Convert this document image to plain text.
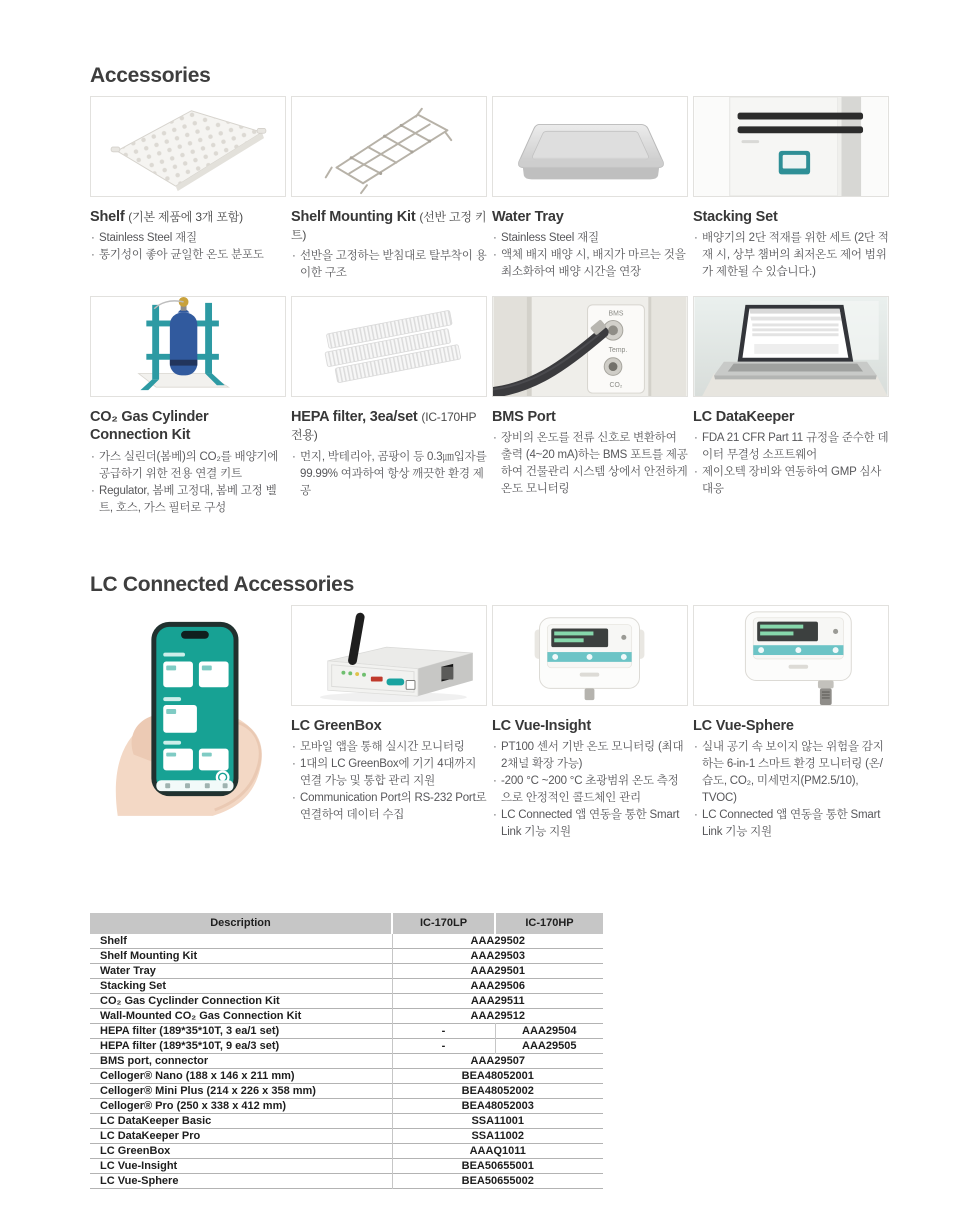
Accessories
Shelf (기본 제품에 3개 포함)
· Stainless Steel 재질
· 통기성이 좋아 균일한 온도 분포도
Shelf Mounting Kit (선반 고정 키트)
· 선반을 고정하는 받침대로 탈부착이 용이한 구조
Water Tray
· Stainless Steel 재질
· 액체 배지 배양 시, 배지가 마르는 것을 최소화하여 배양 시간을 연장
Stacking Set
· 배양기의 2단 적재를 위한 세트 (2단 적재 시, 상부 챔버의 최저온도 제어 범위가 제한될 수 있습니다.)
CO₂ Gas Cylinder Connection Kit
· 가스 실린더(봄베)의 CO₂를 배양기에 공급하기 위한 전용 연결 키트
· Regulator, 봄베 고정대, 봄베 고정 벨트, 호스, 가스 필터로 구성
HEPA filter, 3ea/set (IC-170HP 전용)
· 먼지, 박테리아, 곰팡이 등 0.3㎛입자를 99.99% 여과하여 항상 깨끗한 환경 제공
BMS
Temp.
CO₂
BMS Port
· 장비의 온도를 전류 신호로 변환하여 출력 (4~20 mA)하는 BMS 포트를 제공하여 건물관리 시스템 상에서 안전하게 온도 모니터링
LC DataKeeper
· FDA 21 CFR Part 11 규정을 준수한 데이터 무결성 소프트웨어
· 제이오텍 장비와 연동하여 GMP 심사 대응
LC Connected Accessories
LC GreenBox
· 모바일 앱을 통해 실시간 모니터링
· 1대의 LC GreenBox에 기기 4대까지 연결 가능 및 통합 관리 지원
· Communication Port의 RS-232 Port로 연결하여 데이터 수집
LC Vue-Insight
· PT100 센서 기반 온도 모니터링 (최대 2채널 확장 가능)
· -200 °C ~200 °C 초광범위 온도 측정으로 안정적인 콜드체인 관리
· LC Connected 앱 연동을 통한 Smart Link 기능 지원
LC Vue-Sphere
· 실내 공기 속 보이지 않는 위험을 감지하는 6-in-1 스마트 환경 모니터링 (온/습도, CO₂, 미세먼지(PM2.5/10), TVOC)
· LC Connected 앱 연동을 통한 Smart Link 기능 지원
Description	IC-170LP	IC-170HP
Shelf	AAA29502	
Shelf Mounting Kit	AAA29503	
Water Tray	AAA29501	
Stacking Set	AAA29506	
CO₂ Gas Cyclinder Connection Kit	AAA29511	
Wall-Mounted CO₂ Gas Connection Kit	AAA29512	
HEPA filter (189*35*10T, 3 ea/1 set)	-	AAA29504
HEPA filter (189*35*10T, 9 ea/3 set)	-	AAA29505
BMS port, connector	AAA29507	
Celloger® Nano (188 x 146 x 211 mm)	BEA48052001	
Celloger® Mini Plus (214 x 226 x 358 mm)	BEA48052002	
Celloger® Pro (250 x 338 x 412 mm)	BEA48052003	
LC DataKeeper Basic	SSA11001	
LC DataKeeper Pro	SSA11002	
LC GreenBox	AAAQ1011	
LC Vue-Insight	BEA50655001	
LC Vue-Sphere	BEA50655002	
